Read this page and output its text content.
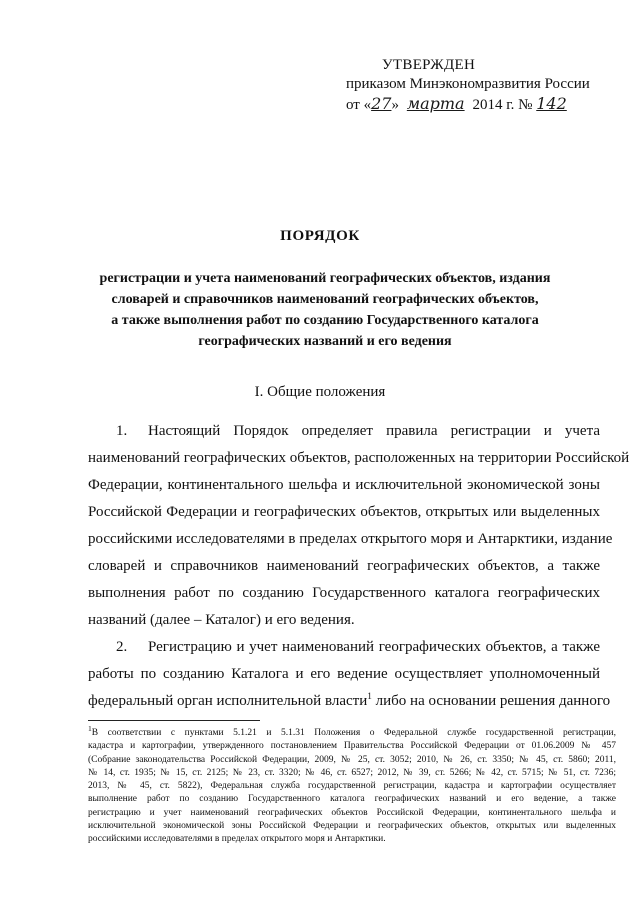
УТВЕРЖДЕН
приказом Минэкономразвития России
от «27» марта 2014 г. № 142
ПОРЯДОК
регистрации и учета наименований географических объектов, издания
словарей и справочников наименований географических объектов,
а также выполнения работ по созданию Государственного каталога
географических названий и его ведения
I. Общие положения
1. Настоящий Порядок определяет правила регистрации и учета
наименований географических объектов, расположенных на территории Российской
Федерации, континентального шельфа и исключительной экономической зоны
Российской Федерации и географических объектов, открытых или выделенных
российскими исследователями в пределах открытого моря и Антарктики, издание
словарей и справочников наименований географических объектов, а также
выполнения работ по созданию Государственного каталога географических
названий (далее – Каталог) и его ведения.
2. Регистрацию и учет наименований географических объектов, а также
работы по созданию Каталога и его ведение осуществляет уполномоченный
федеральный орган исполнительной власти$^1$ либо на основании решения данного
$^1$В соответствии с пунктами 5.1.21 и 5.1.31 Положения о Федеральной службе государственной регистрации,
кадастра и картографии, утвержденного постановлением Правительства Российской Федерации от 01.06.2009 № 457
(Собрание законодательства Российской Федерации, 2009, № 25, ст. 3052; 2010, № 26, ст. 3350; № 45, ст. 5860; 2011,
№ 14, ст. 1935; № 15, ст. 2125; № 23, ст. 3320; № 46, ст. 6527; 2012, № 39, ст. 5266; № 42, ст. 5715; № 51, ст. 7236;
2013, № 45, ст. 5822), Федеральная служба государственной регистрации, кадастра и картографии осуществляет
выполнение работ по созданию Государственного каталога географических названий и его ведение, а также
регистрацию и учет наименований географических объектов Российской Федерации, континентального шельфа и
исключительной экономической зоны Российской Федерации и географических объектов, открытых или выделенных
российскими исследователями в пределах открытого моря и Антарктики.
